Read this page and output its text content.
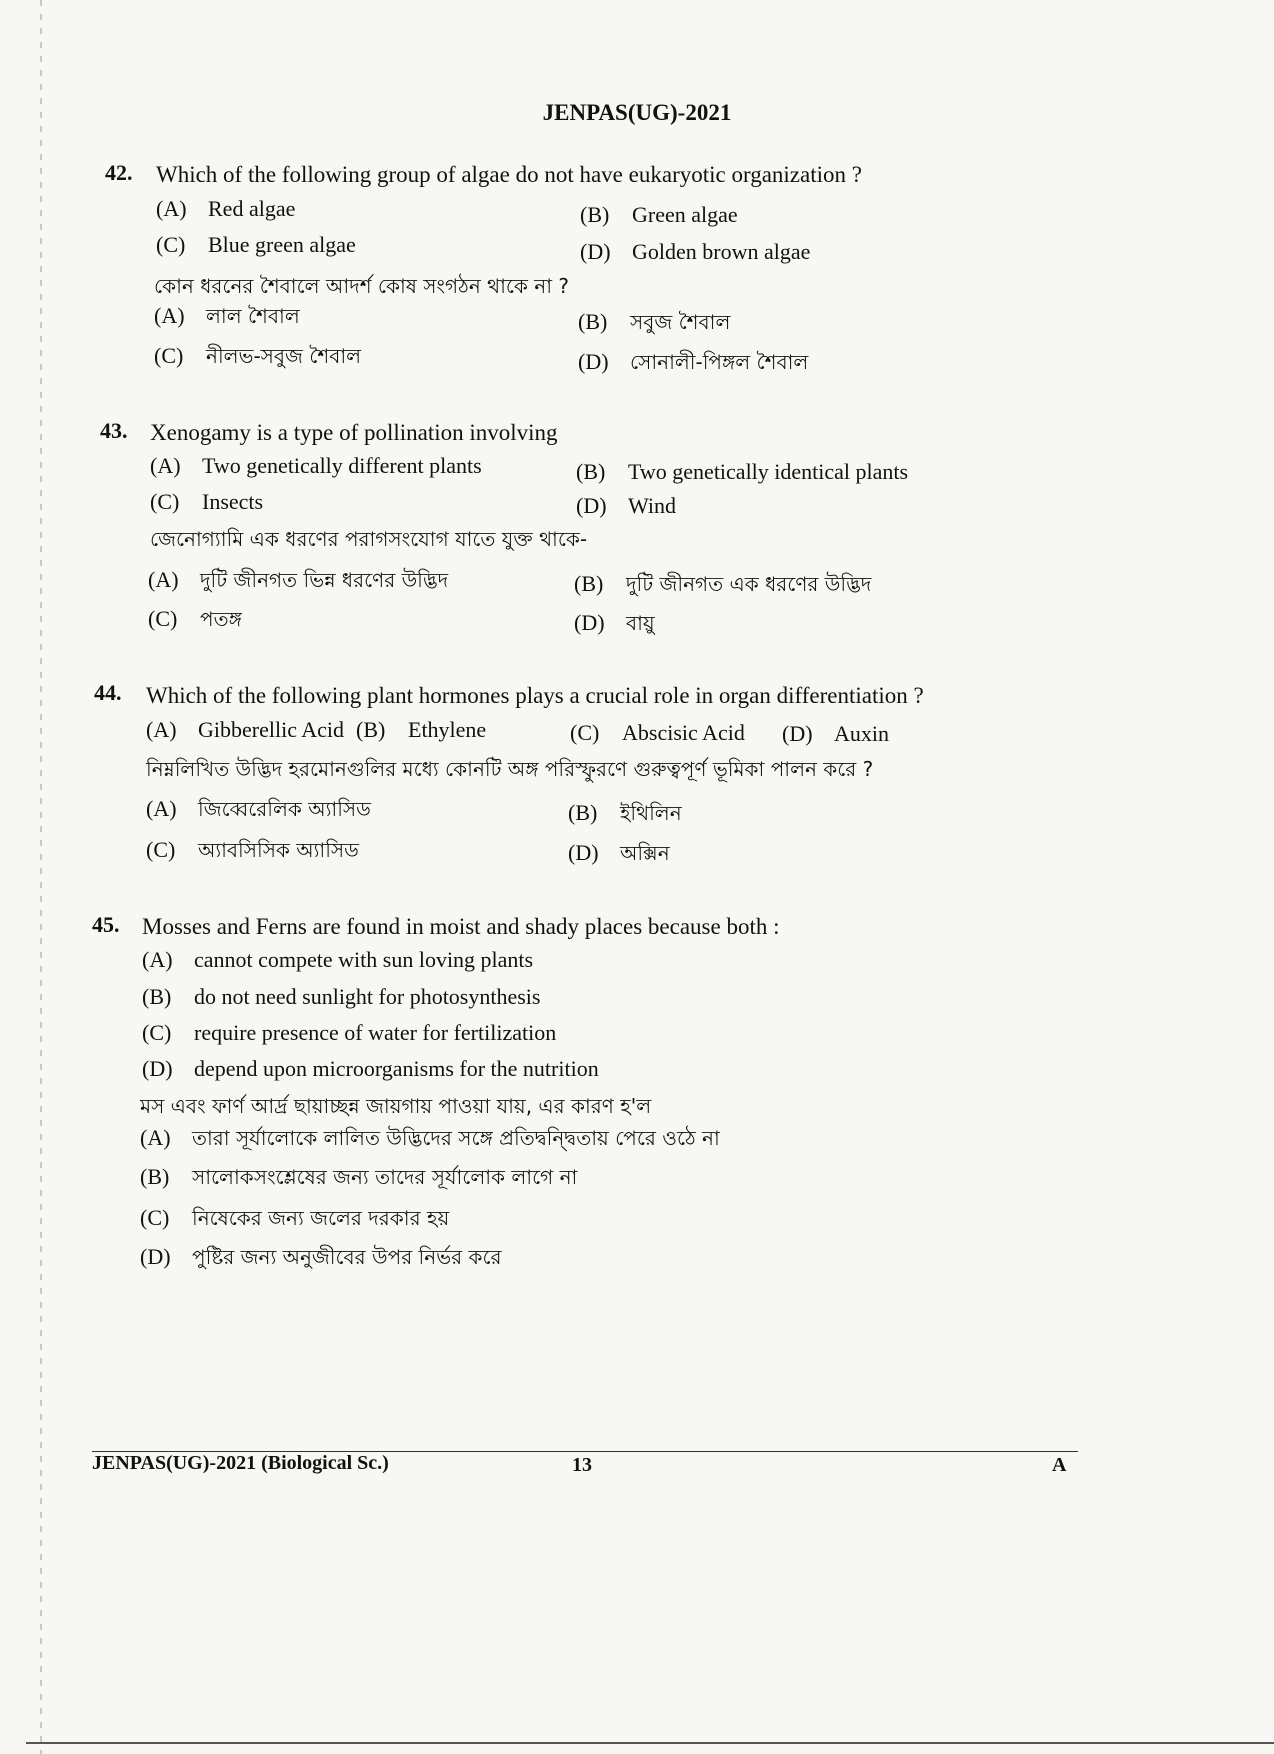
JENPAS(UG)-2021
42. Which of the following group of algae do not have eukaryotic organization ?
(A) Red algae	(B) Green algae
(C) Blue green algae	(D) Golden brown algae
কোন ধরনের শৈবালে আদর্শ কোষ সংগঠন থাকে না ?
(A) লাল শৈবাল	(B) সবুজ শৈবাল
(C) নীলভ-সবুজ শৈবাল	(D) সোনালী-পিঙ্গল শৈবাল
43. Xenogamy is a type of pollination involving
(A) Two genetically different plants	(B) Two genetically identical plants
(C) Insects	(D) Wind
জেনোগ্যামি এক ধরণের পরাগসংযোগ যাতে যুক্ত থাকে-
(A) দুটি জীনগত ভিন্ন ধরণের উদ্ভিদ	(B) দুটি জীনগত এক ধরণের উদ্ভিদ
(C) পতঙ্গ	(D) বায়ু
44. Which of the following plant hormones plays a crucial role in organ differentiation ?
(A) Gibberellic Acid (B) Ethylene	(C) Abscisic Acid (D) Auxin
নিম্নলিখিত উদ্ভিদ হরমোনগুলির মধ্যে কোনটি অঙ্গ পরিস্ফুরণে গুরুত্বপূর্ণ ভূমিকা পালন করে ?
(A) জিব্বেরেলিক অ্যাসিড	(B) ইথিলিন
(C) অ্যাবসিসিক অ্যাসিড	(D) অক্সিন
45. Mosses and Ferns are found in moist and shady places because both :
(A) cannot compete with sun loving plants
(B) do not need sunlight for photosynthesis
(C) require presence of water for fertilization
(D) depend upon microorganisms for the nutrition
মস এবং ফার্ণ আর্দ্র ছায়াচ্ছন্ন জায়গায় পাওয়া যায়, এর কারণ হ'ল
(A) তারা সূর্যালোকে লালিত উদ্ভিদের সঙ্গে প্রতিদ্বন্দ্বিতায় পেরে ওঠে না
(B) সালোকসংশ্লেষের জন্য তাদের সূর্যালোক লাগে না
(C) নিষেকের জন্য জলের দরকার হয়
(D) পুষ্টির জন্য অনুজীবের উপর নির্ভর করে
JENPAS(UG)-2021 (Biological Sc.)	13	A
